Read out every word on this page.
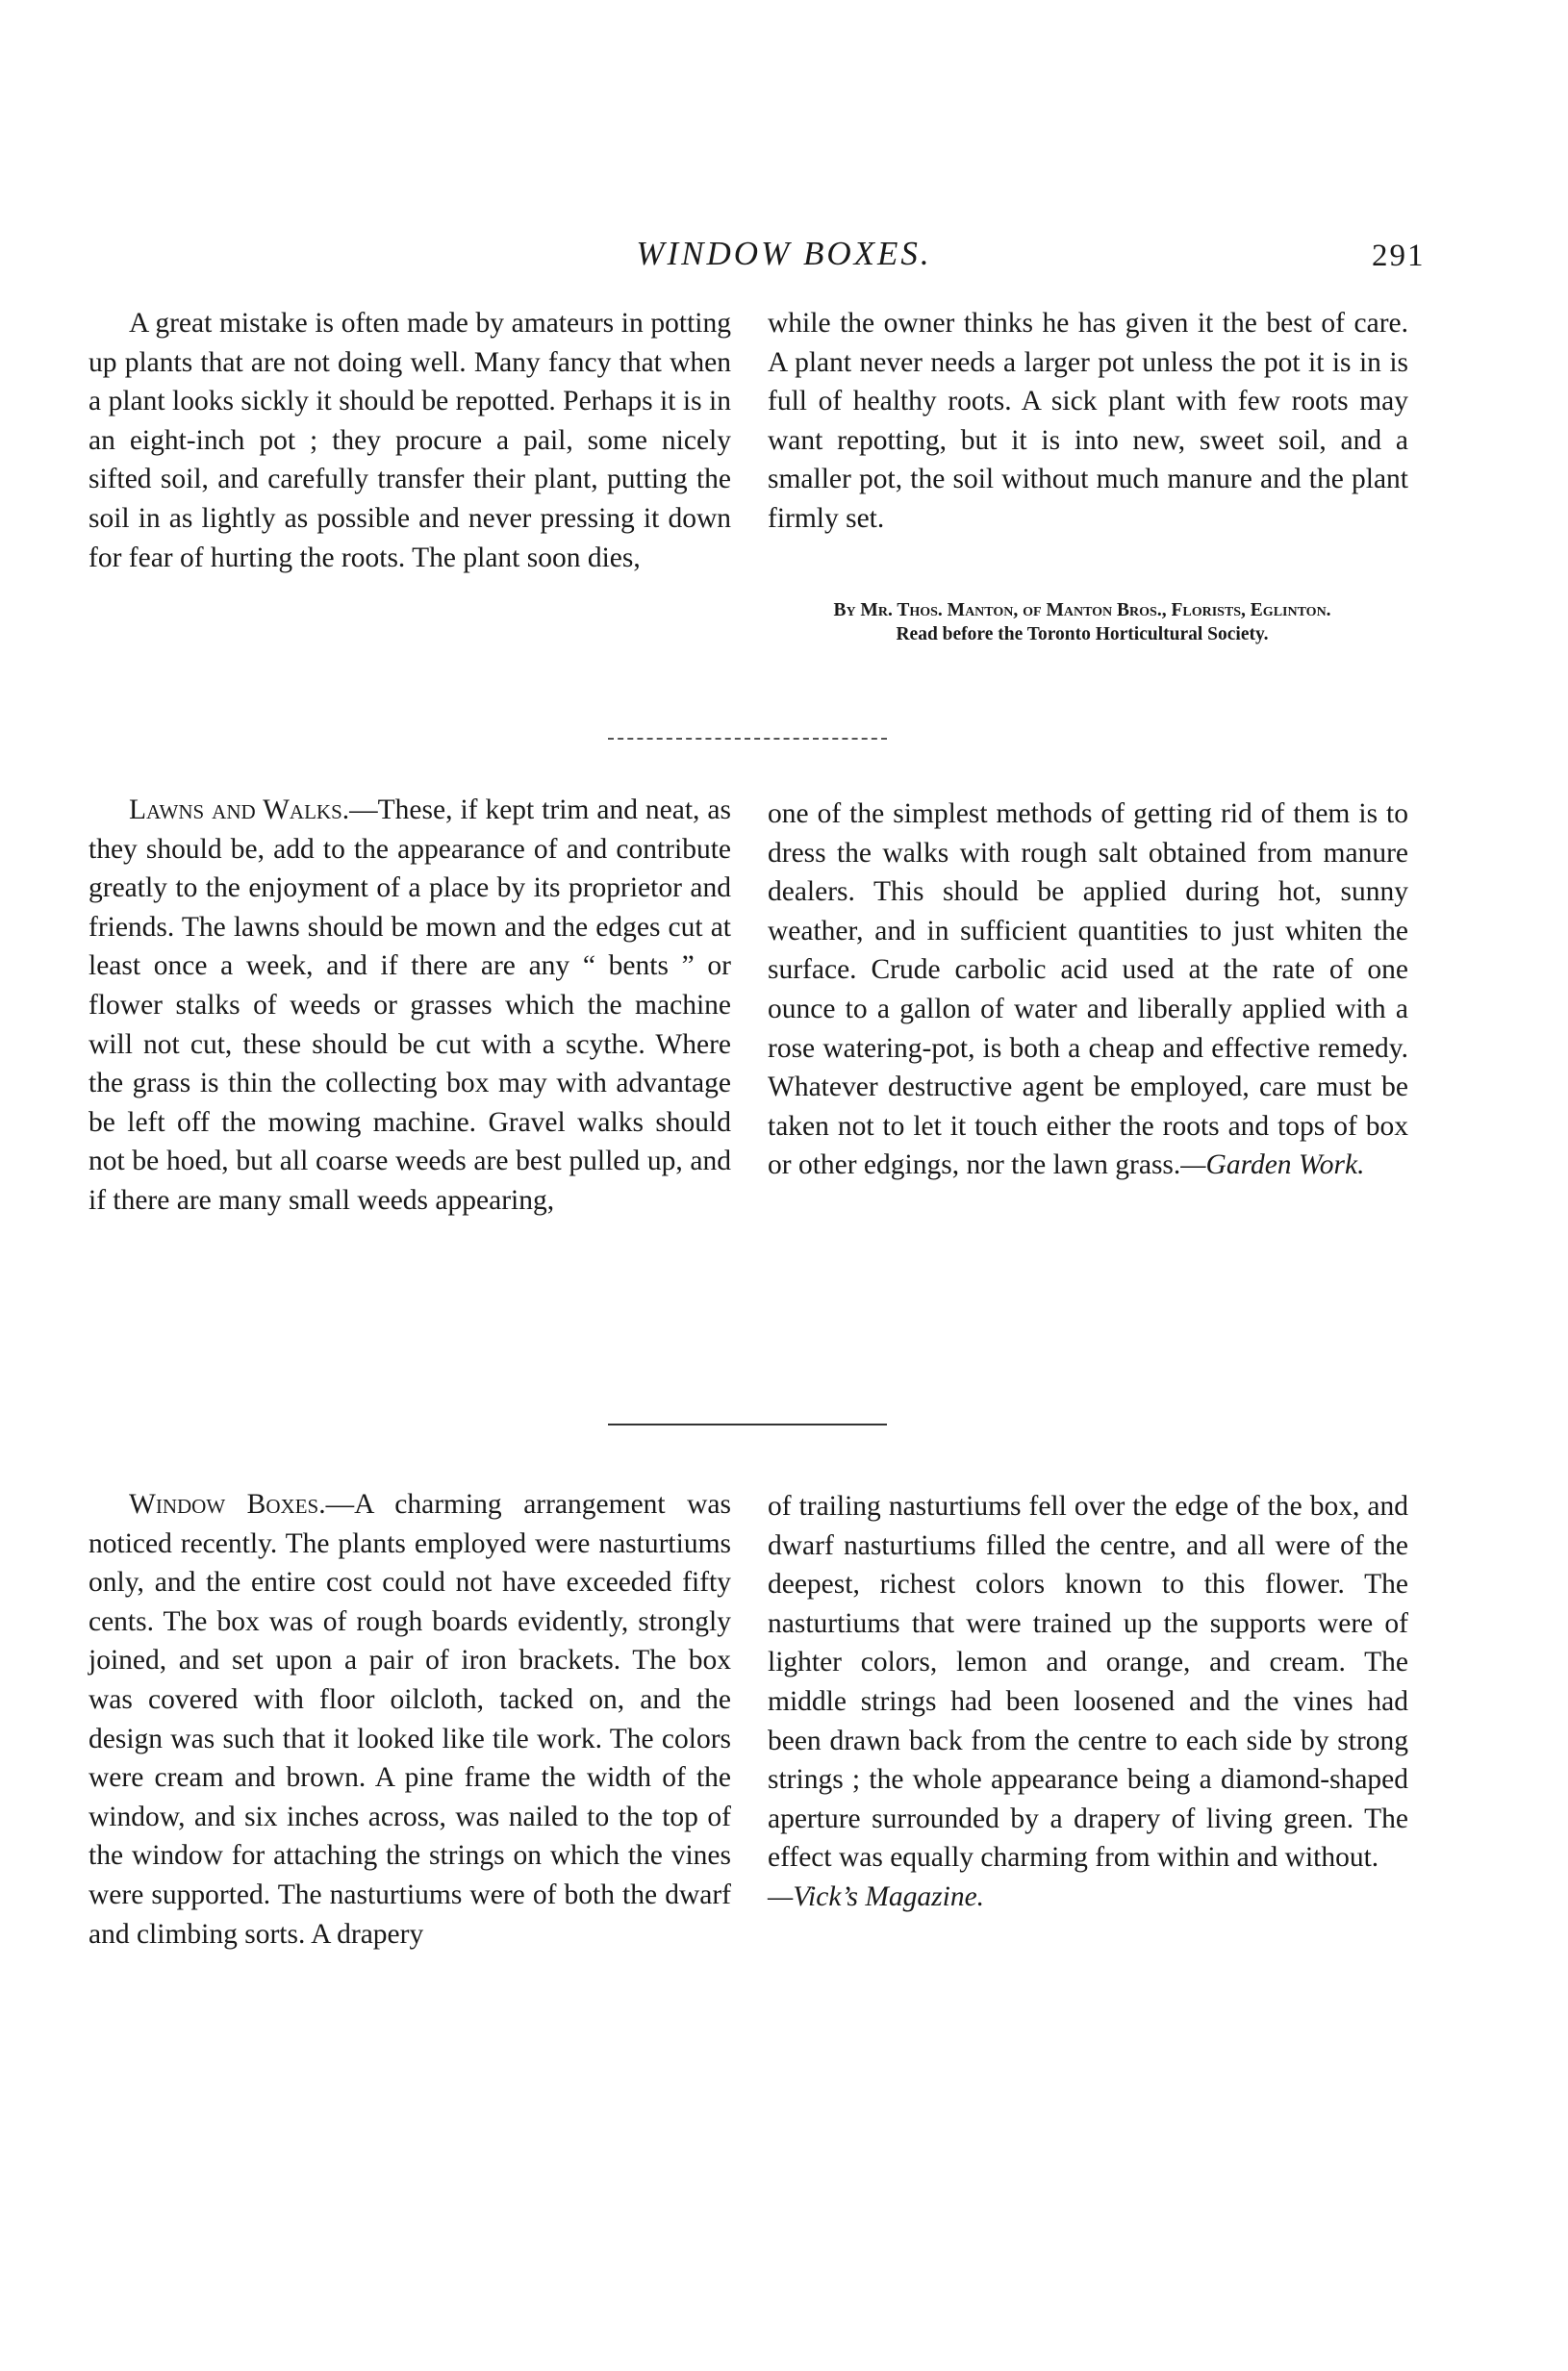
WINDOW BOXES.	291

A great mistake is often made by amateurs in potting up plants that are not doing well. Many fancy that when a plant looks sickly it should be repotted. Perhaps it is in an eight-inch pot ; they procure a pail, some nicely sifted soil, and carefully transfer their plant, putting the soil in as lightly as possible and never pressing it down for fear of hurting the roots. The plant soon dies,

while the owner thinks he has given it the best of care. A plant never needs a larger pot unless the pot it is in is full of healthy roots. A sick plant with few roots may want repotting, but it is into new, sweet soil, and a smaller pot, the soil without much manure and the plant firmly set.

By Mr. Thos. Manton, of Manton Bros., Florists, Eglinton.
Read before the Toronto Horticultural Society.

Lawns and Walks.—These, if kept trim and neat, as they should be, add to the appearance of and contribute greatly to the enjoyment of a place by its proprietor and friends. The lawns should be mown and the edges cut at least once a week, and if there are any “ bents ” or flower stalks of weeds or grasses which the machine will not cut, these should be cut with a scythe. Where the grass is thin the collecting box may with advantage be left off the mowing machine. Gravel walks should not be hoed, but all coarse weeds are best pulled up, and if there are many small weeds appearing,

one of the simplest methods of getting rid of them is to dress the walks with rough salt obtained from manure dealers. This should be applied during hot, sunny weather, and in sufficient quantities to just whiten the surface. Crude carbolic acid used at the rate of one ounce to a gallon of water and liberally applied with a rose watering-pot, is both a cheap and effective remedy. Whatever destructive agent be employed, care must be taken not to let it touch either the roots and tops of box or other edgings, nor the lawn grass.—Garden Work.

Window Boxes.—A charming arrangement was noticed recently. The plants employed were nasturtiums only, and the entire cost could not have exceeded fifty cents. The box was of rough boards evidently, strongly joined, and set upon a pair of iron brackets. The box was covered with floor oilcloth, tacked on, and the design was such that it looked like tile work. The colors were cream and brown. A pine frame the width of the window, and six inches across, was nailed to the top of the window for attaching the strings on which the vines were supported. The nasturtiums were of both the dwarf and climbing sorts. A drapery

of trailing nasturtiums fell over the edge of the box, and dwarf nasturtiums filled the centre, and all were of the deepest, richest colors known to this flower. The nasturtiums that were trained up the supports were of lighter colors, lemon and orange, and cream. The middle strings had been loosened and the vines had been drawn back from the centre to each side by strong strings ; the whole appearance being a diamond-shaped aperture surrounded by a drapery of living green. The effect was equally charming from within and without.
—Vick’s Magazine.
